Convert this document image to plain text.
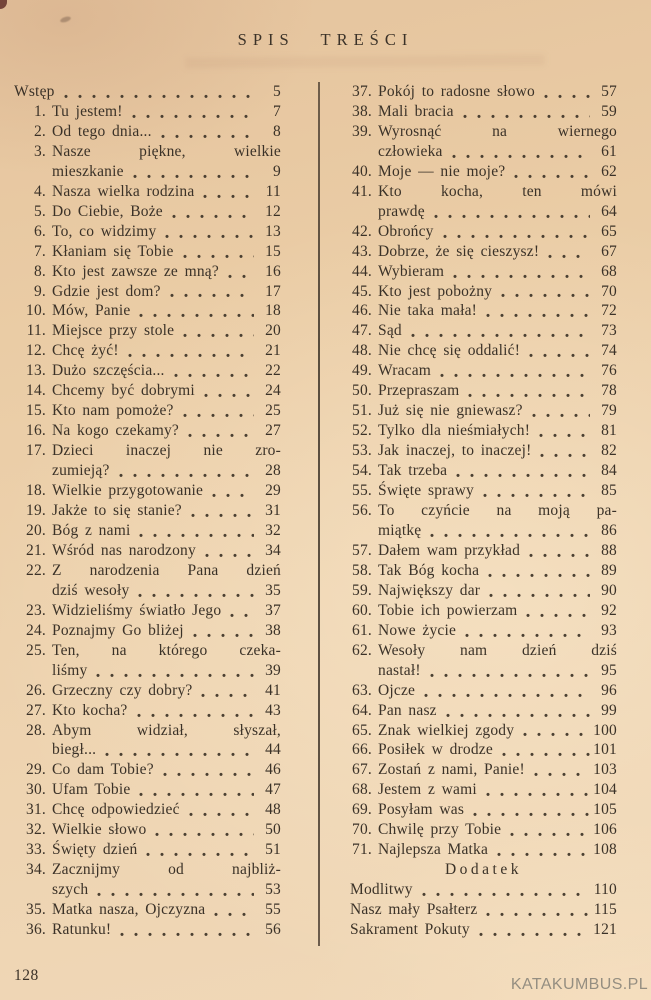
SPIS TREŚCI
Wstęp	5
1. Tu jestem!	7
2. Od tego dnia...	8
3. Nasze piękne, wielkie
mieszkanie	9
4. Nasza wielka rodzina	11
5. Do Ciebie, Boże	12
6. To, co widzimy	13
7. Kłaniam się Tobie	15
8. Kto jest zawsze ze mną?	16
9. Gdzie jest dom?	17
10. Mów, Panie	18
11. Miejsce przy stole	20
12. Chcę żyć!	21
13. Dużo szczęścia...	22
14. Chcemy być dobrymi	24
15. Kto nam pomoże?	25
16. Na kogo czekamy?	27
17. Dzieci inaczej nie zro-
zumieją?	28
18. Wielkie przygotowanie	29
19. Jakże to się stanie?	31
20. Bóg z nami	32
21. Wśród nas narodzony	34
22. Z narodzenia Pana dzień
dziś wesoły	35
23. Widzieliśmy światło Jego	37
24. Poznajmy Go bliżej	38
25. Ten, na którego czeka-
liśmy	39
26. Grzeczny czy dobry?	41
27. Kto kocha?	43
28. Abym widział, słyszał,
biegł...	44
29. Co dam Tobie?	46
30. Ufam Tobie	47
31. Chcę odpowiedzieć	48
32. Wielkie słowo	50
33. Święty dzień	51
34. Zacznijmy od najbliż-
szych	53
35. Matka nasza, Ojczyzna	55
36. Ratunku!	56
37. Pokój to radosne słowo	57
38. Mali bracia	59
39. Wyrosnąć na wiernego
człowieka	61
40. Moje — nie moje?	62
41. Kto kocha, ten mówi
prawdę	64
42. Obrońcy	65
43. Dobrze, że się cieszysz!	67
44. Wybieram	68
45. Kto jest pobożny	70
46. Nie taka mała!	72
47. Sąd	73
48. Nie chcę się oddalić!	74
49. Wracam	76
50. Przepraszam	78
51. Już się nie gniewasz?	79
52. Tylko dla nieśmiałych!	81
53. Jak inaczej, to inaczej!	82
54. Tak trzeba	84
55. Święte sprawy	85
56. To czyńcie na moją pa-
miątkę	86
57. Dałem wam przykład	88
58. Tak Bóg kocha	89
59. Największy dar	90
60. Tobie ich powierzam	92
61. Nowe życie	93
62. Wesoły nam dzień dziś
nastał!	95
63. Ojcze	96
64. Pan nasz	99
65. Znak wielkiej zgody	100
66. Posiłek w drodze	101
67. Zostań z nami, Panie!	103
68. Jestem z wami	104
69. Posyłam was	105
70. Chwilę przy Tobie	106
71. Najlepsza Matka	108
Dodatek
Modlitwy	110
Nasz mały Psałterz	115
Sakrament Pokuty	121
128
KATAKUMBUS.PL
